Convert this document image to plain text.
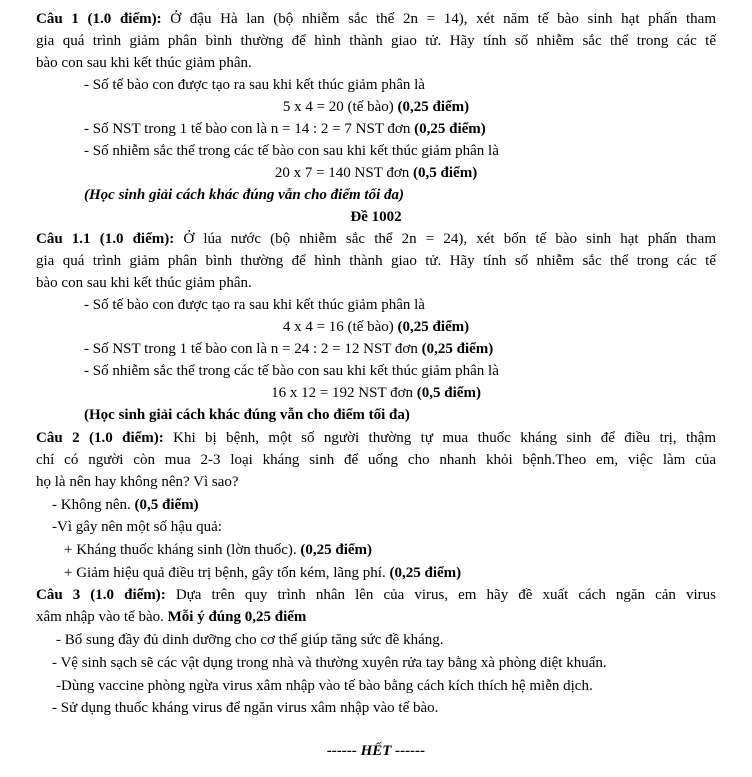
Câu 1 (1.0 điểm): Ở đậu Hà lan (bộ nhiễm sắc thể 2n = 14), xét năm tế bào sinh hạt phấn tham
gia quá trình giảm phân bình thường để hình thành giao tử. Hãy tính số nhiễm sắc thể trong các tế
bào con sau khi kết thúc giảm phân.
- Số tế bào con được tạo ra sau khi kết thúc giảm phân là
5 x 4 = 20 (tế bào) (0,25 điểm)
- Số NST trong 1 tế bào con là n = 14 : 2 = 7 NST đơn (0,25 điểm)
- Số nhiễm sắc thể trong các tế bào con sau khi kết thúc giảm phân là
20 x 7 = 140 NST đơn (0,5 điểm)
(Học sinh giải cách khác đúng vẫn cho điểm tối đa)
Đề 1002
Câu 1.1 (1.0 điểm): Ở lúa nước (bộ nhiễm sắc thể 2n = 24), xét bốn tế bào sinh hạt phấn tham
gia quá trình giảm phân bình thường để hình thành giao tử. Hãy tính số nhiễm sắc thể trong các tế
bào con sau khi kết thúc giảm phân.
- Số tế bào con được tạo ra sau khi kết thúc giảm phân là
4 x 4 = 16 (tế bào) (0,25 điểm)
- Số NST trong 1 tế bào con là n = 24 : 2 = 12 NST đơn (0,25 điểm)
- Số nhiễm sắc thể trong các tế bào con sau khi kết thúc giảm phân là
16 x 12 = 192 NST đơn (0,5 điểm)
(Học sinh giải cách khác đúng vẫn cho điểm tối đa)
Câu 2 (1.0 điểm): Khi bị bệnh, một số người thường tự mua thuốc kháng sinh để điều trị, thậm
chí có người còn mua 2-3 loại kháng sinh để uống cho nhanh khỏi bệnh.Theo em, việc làm của
họ là nên hay không nên? Vì sao?
- Không nên. (0,5 điểm)
-Vì gây nên một số hậu quả:
+ Kháng thuốc kháng sinh (lờn thuốc). (0,25 điểm)
+ Giảm hiệu quả điều trị bệnh, gây tốn kém, lãng phí. (0,25 điểm)
Câu 3 (1.0 điểm): Dựa trên quy trình nhân lên của virus, em hãy đề xuất cách ngăn cản virus
xâm nhập vào tế bào. Mỗi ý đúng 0,25 điểm
- Bổ sung đầy đủ dinh dưỡng cho cơ thể giúp tăng sức đề kháng.
- Vệ sinh sạch sẽ các vật dụng trong nhà và thường xuyên rửa tay bằng xà phòng diệt khuẩn.
-Dùng vaccine phòng ngừa virus xâm nhập vào tế bào bằng cách kích thích hệ miễn dịch.
- Sử dụng thuốc kháng virus để ngăn virus xâm nhập vào tế bào.
------ HẾT ------
